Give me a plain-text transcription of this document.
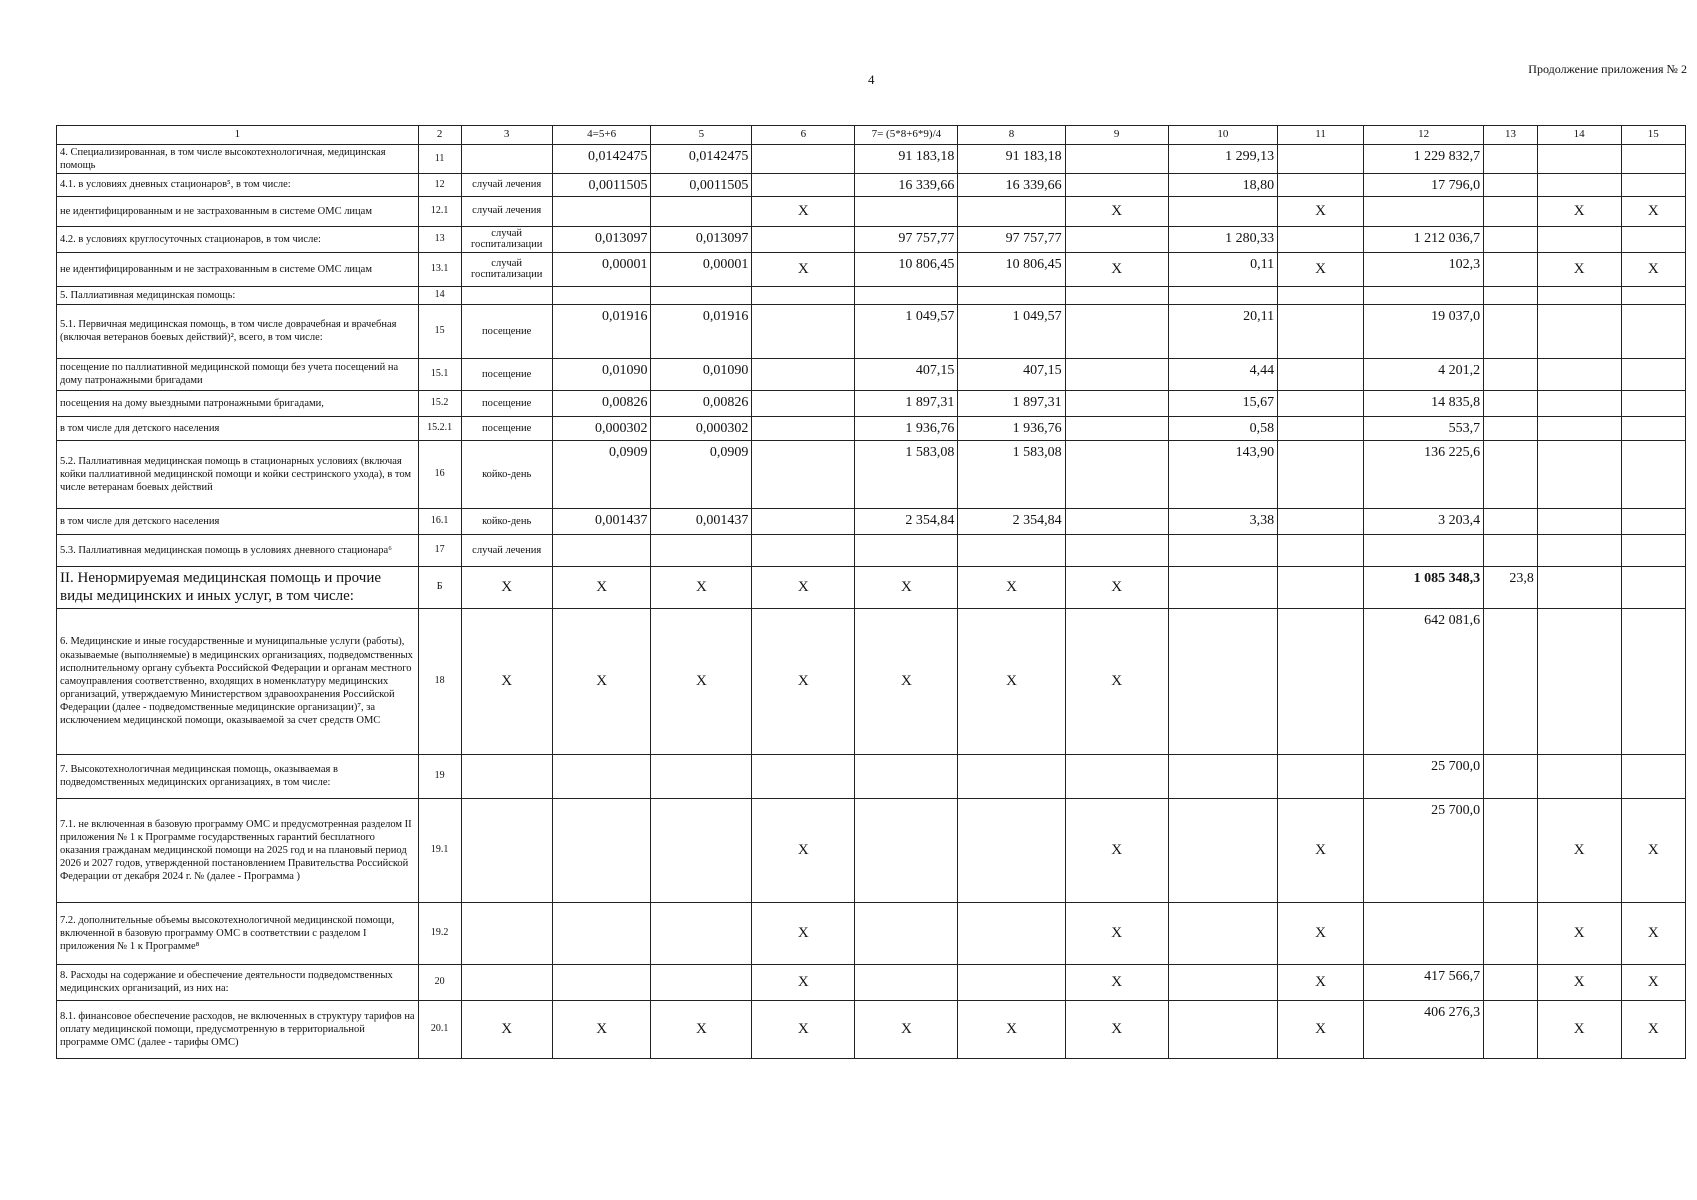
4
Продолжение приложения № 2
1	2	3	4=5+6	5	6	7= (5*8+6*9)/4	8	9	10	11	12	13	14	15
4. Специализированная, в том числе высокотехнологичная, медицинская помощь	11		0,0142475	0,0142475		91 183,18	91 183,18		1 299,13		1 229 832,7			
4.1. в условиях дневных стационаров⁵, в том числе:	12	случай лечения	0,0011505	0,0011505		16 339,66	16 339,66		18,80		17 796,0			
не идентифицированным и не застрахованным в системе ОМС лицам	12.1	случай лечения			X			X		X			X	X
4.2. в условиях круглосуточных стационаров, в том числе:	13	случай госпитализации	0,013097	0,013097		97 757,77	97 757,77		1 280,33		1 212 036,7			
не идентифицированным и не застрахованным в системе ОМС лицам	13.1	случай госпитализации	0,00001	0,00001	X	10 806,45	10 806,45	X	0,11	X	102,3		X	X
5. Паллиативная медицинская помощь:	14													
5.1. Первичная медицинская помощь, в том числе доврачебная и врачебная (включая ветеранов боевых действий)², всего, в том числе:	15	посещение	0,01916	0,01916		1 049,57	1 049,57		20,11		19 037,0			
посещение по паллиативной медицинской помощи без учета посещений на дому патронажными бригадами	15.1	посещение	0,01090	0,01090		407,15	407,15		4,44		4 201,2			
посещения на дому выездными патронажными бригадами,	15.2	посещение	0,00826	0,00826		1 897,31	1 897,31		15,67		14 835,8			
в том числе для детского населения	15.2.1	посещение	0,000302	0,000302		1 936,76	1 936,76		0,58		553,7			
5.2. Паллиативная медицинская помощь в стационарных условиях (включая койки паллиативной медицинской помощи и койки сестринского ухода), в том числе ветеранам боевых действий	16	койко-день	0,0909	0,0909		1 583,08	1 583,08		143,90		136 225,6			
в том числе для детского населения	16.1	койко-день	0,001437	0,001437		2 354,84	2 354,84		3,38		3 203,4			
5.3. Паллиативная медицинская помощь в условиях дневного стационара⁶	17	случай лечения												
II. Ненормируемая медицинская помощь и прочие виды медицинских и иных услуг, в том числе:	Б	X	X	X	X	X	X	X			1 085 348,3	23,8		
6. Медицинские и иные государственные и муниципальные услуги (работы), оказываемые (выполняемые) в медицинских организациях, подведомственных исполнительному органу субъекта Российской Федерации и органам местного самоуправления соответственно, входящих в номенклатуру медицинских организаций, утверждаемую Министерством здравоохранения Российской Федерации (далее - подведомственные медицинские организации)⁷, за исключением медицинской помощи, оказываемой за счет средств ОМС	18	X	X	X	X	X	X	X			642 081,6			
7. Высокотехнологичная медицинская помощь, оказываемая в подведомственных медицинских организациях, в том числе:	19										25 700,0			
7.1. не включенная в базовую программу ОМС и предусмотренная разделом II приложения № 1 к Программе государственных гарантий бесплатного оказания гражданам медицинской помощи на 2025 год и на плановый период 2026 и 2027 годов, утвержденной постановлением Правительства Российской Федерации от декабря 2024 г. № (далее - Программа )	19.1				X			X		X	25 700,0		X	X
7.2. дополнительные объемы высокотехнологичной медицинской помощи, включенной в базовую программу ОМС в соответствии с разделом I приложения № 1 к Программе⁸	19.2				X			X		X			X	X
8. Расходы на содержание и обеспечение деятельности подведомственных медицинских организаций, из них на:	20				X			X		X	417 566,7		X	X
8.1. финансовое обеспечение расходов, не включенных в структуру тарифов на оплату медицинской помощи, предусмотренную в территориальной программе ОМС (далее - тарифы ОМС)	20.1	X	X	X	X	X	X	X		X	406 276,3		X	X
